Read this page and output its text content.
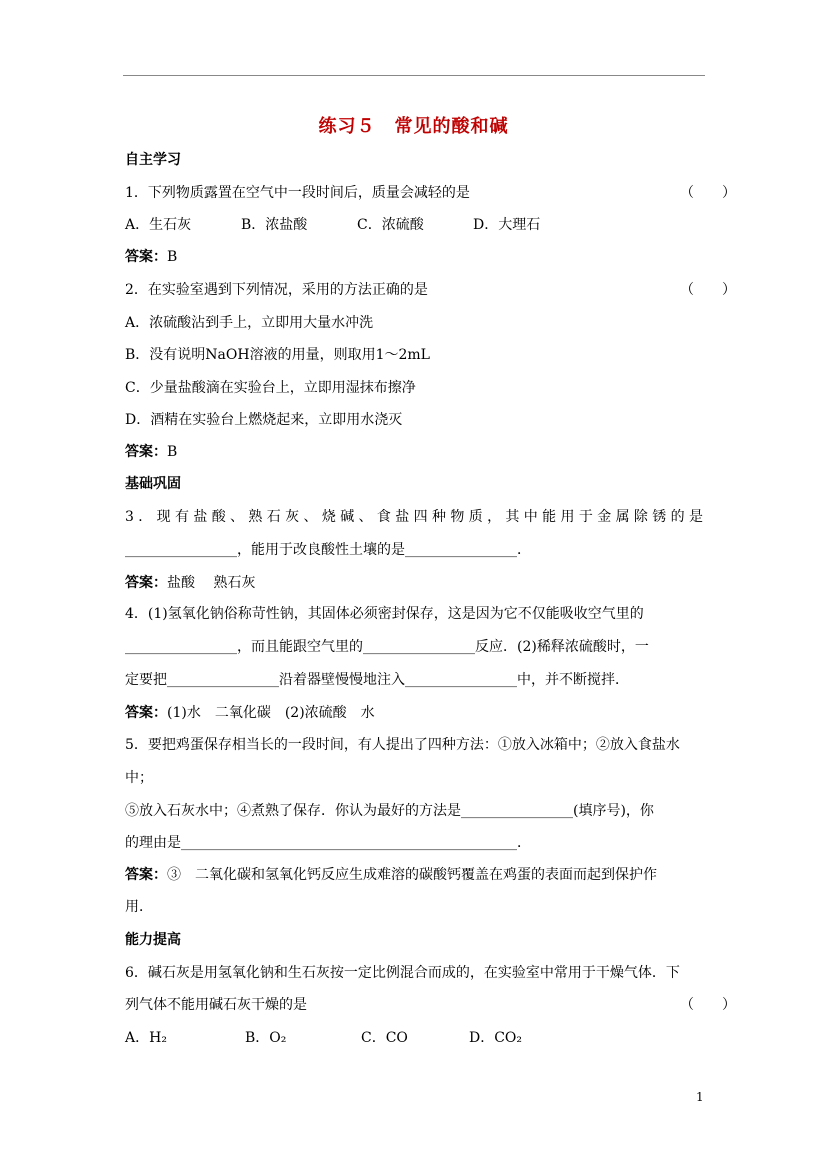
练习５　常见的酸和碱
自主学习
1．下列物质露置在空气中一段时间后，质量会减轻的是	（　　）
A．生石灰	B．浓盐酸	C．浓硫酸	D．大理石
答案：B
2．在实验室遇到下列情况，采用的方法正确的是	（　　）
A．浓硫酸沾到手上，立即用大量水冲洗
B．没有说明NaOH溶液的用量，则取用1～2mL
C．少量盐酸滴在实验台上，立即用湿抹布擦净
D．酒精在实验台上燃烧起来，立即用水浇灭
答案：B
基础巩固
3．现有盐酸、熟石灰、烧碱、食盐四种物质，其中能用于金属除锈的是
________________，能用于改良酸性土壤的是________________．
答案：盐酸　 熟石灰
4．(1)氢氧化钠俗称苛性钠，其固体必须密封保存，这是因为它不仅能吸收空气里的
________________，而且能跟空气里的________________反应．(2)稀释浓硫酸时，一
定要把________________沿着器壁慢慢地注入________________中，并不断搅拌．
答案：(1)水　二氧化碳　(2)浓硫酸　水
5．要把鸡蛋保存相当长的一段时间，有人提出了四种方法：①放入冰箱中；②放入食盐水
中；
⑤放入石灰水中；④煮熟了保存．你认为最好的方法是________________(填序号)，你
的理由是________________________________________________．
答案：③　二氧化碳和氢氧化钙反应生成难溶的碳酸钙覆盖在鸡蛋的表面而起到保护作
用．
能力提高
6．碱石灰是用氢氧化钠和生石灰按一定比例混合而成的，在实验室中常用于干燥气体．下
列气体不能用碱石灰干燥的是	（　　）
A．H₂	B．O₂	C．CO	D．CO₂
1
